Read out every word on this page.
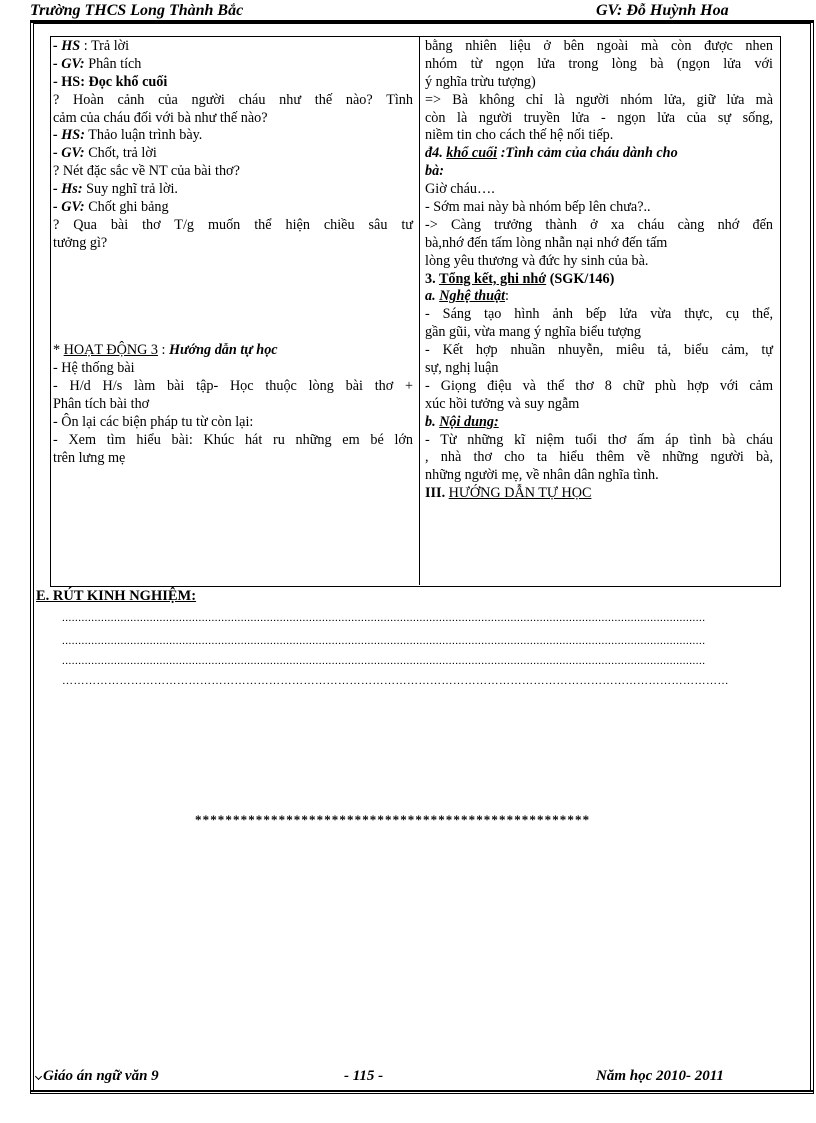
Trường THCS Long Thành Bắc	GV: Đỗ Huỳnh Hoa
- HS : Trả lời
- GV: Phân tích
- HS: Đọc khổ cuối
? Hoàn cảnh của người cháu như thế nào? Tình
cảm của cháu đối với bà như thế nào?
- HS: Thảo luận trình bày.
- GV: Chốt, trả lời
? Nét đặc sắc về NT của bài thơ?
- Hs: Suy nghĩ trả lời.
- GV: Chốt ghi bảng
? Qua bài thơ T/g muốn thể hiện chiều sâu tư
tưởng gì?
* HOẠT ĐỘNG 3 : Hướng dẫn tự học
- Hệ thống bài
- H/d H/s làm bài tập- Học thuộc lòng bài thơ +
Phân tích bài thơ
- Ôn lại các biện pháp tu từ còn lại:
- Xem tìm hiểu bài: Khúc hát ru những em bé lớn
trên lưng mẹ
bằng nhiên liệu ở bên ngoài mà còn được nhen
nhóm từ ngọn lửa trong lòng bà (ngọn lửa với
ý nghĩa trừu tượng)
=> Bà không chỉ là người nhóm lửa, giữ lửa mà
còn là người truyền lửa - ngọn lửa của sự sống,
niềm tin cho cách thế hệ nối tiếp.
đ4. khổ cuối :Tình cảm của cháu dành cho
bà:
Giờ cháu….
- Sớm mai này bà nhóm bếp lên chưa?..
-> Càng trưởng thành ở xa cháu càng nhớ đến
bà,nhớ đến tấm lòng nhẫn nại nhớ đến tấm
lòng yêu thương và đức hy sinh của bà.
3. Tổng kết, ghi nhớ (SGK/146)
a. Nghệ thuật:
- Sáng tạo hình ảnh bếp lửa vừa thực, cụ thể,
gần gũi, vừa mang ý nghĩa biểu tượng
- Kết hợp nhuần nhuyễn, miêu tả, biểu cảm, tự
sự, nghị luận
- Giọng điệu và thể thơ 8 chữ phù hợp với cảm
xúc hồi tưởng và suy ngẫm
b. Nội dung:
- Từ những kĩ niệm tuổi thơ ấm áp tình bà cháu
, nhà thơ cho ta hiểu thêm về những người bà,
những người mẹ, về nhân dân nghĩa tình.
III. HƯỚNG DẪN TỰ HỌC
E. RÚT KINH NGHIỆM:
......................................................................................................................................................................................................
......................................................................................................................................................................................................
......................................................................................................................................................................................................
…………………………………………………………………………………………………………………………………………………………
****************************************************
Giáo án ngữ văn 9	- 115 -	Năm học 2010- 2011
